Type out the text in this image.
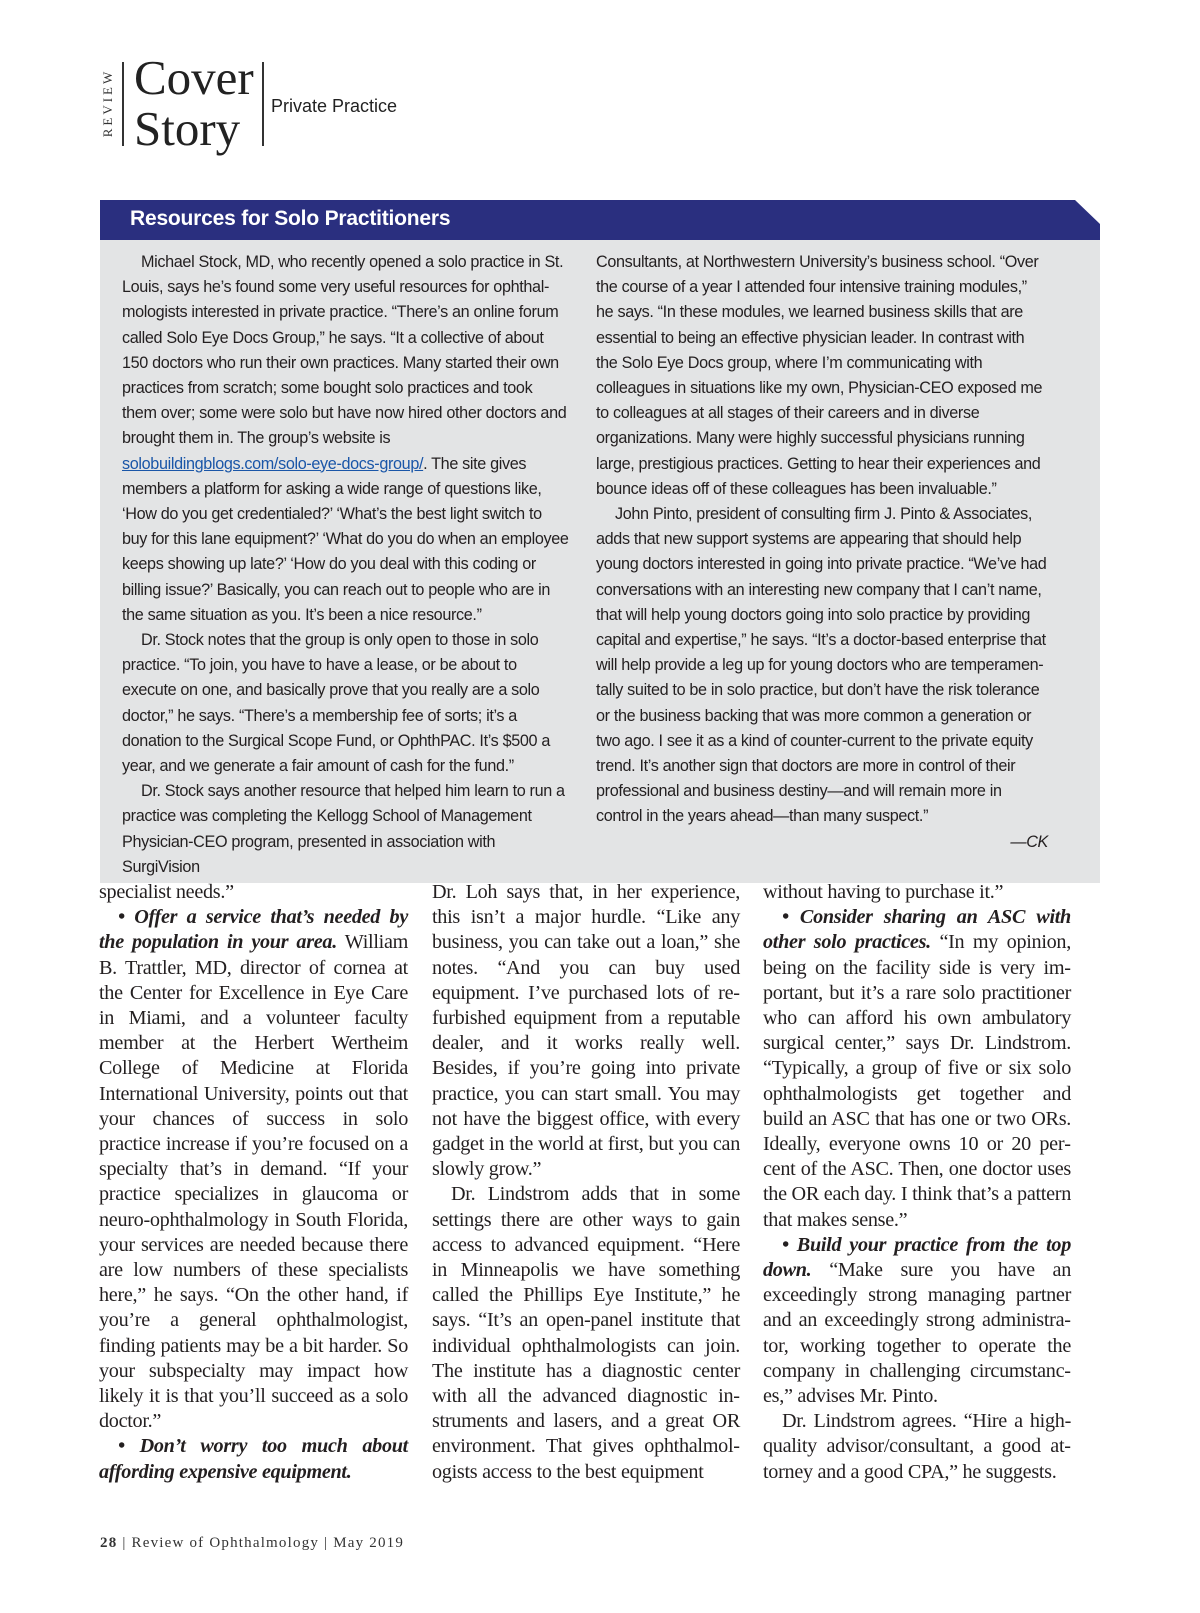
REVIEW Cover
Story Private Practice
Resources for Solo Practitioners

Michael Stock, MD, who recently opened a solo practice in St. Louis, says he’s found some very useful resources for ophthalmologists interested in private practice. “There’s an online forum called Solo Eye Docs Group,” he says. “It a collective of about 150 doctors who run their own practices. Many started their own practices from scratch; some bought solo practices and took them over; some were solo but have now hired other doctors and brought them in. The group’s website is solobuildingblogs.com/solo-eye-docs-group/. The site gives members a platform for asking a wide range of questions like, ‘How do you get credentialed?’ ‘What’s the best light switch to buy for this lane equipment?’ ‘What do you do when an employee keeps showing up late?’ ‘How do you deal with this coding or billing issue?’ Basically, you can reach out to people who are in the same situation as you. It’s been a nice resource.”

Dr. Stock notes that the group is only open to those in solo practice. “To join, you have to have a lease, or be about to execute on one, and basically prove that you really are a solo doctor,” he says. “There’s a membership fee of sorts; it’s a donation to the Surgical Scope Fund, or OphthPAC. It’s $500 a year, and we generate a fair amount of cash for the fund.”

Dr. Stock says another resource that helped him learn to run a practice was completing the Kellogg School of Management Physician-CEO program, presented in association with SurgiVision

Consultants, at Northwestern University’s business school. “Over the course of a year I attended four intensive training modules,” he says. “In these modules, we learned business skills that are essential to being an effective physician leader. In contrast with the Solo Eye Docs group, where I’m communicating with colleagues in situations like my own, Physician-CEO exposed me to colleagues at all stages of their careers and in diverse organizations. Many were highly successful physicians running large, prestigious practices. Getting to hear their experiences and bounce ideas off of these colleagues has been invaluable.”

John Pinto, president of consulting firm J. Pinto & Associates, adds that new support systems are appearing that should help young doctors interested in going into private practice. “We’ve had conversations with an interesting new company that I can’t name, that will help young doctors going into solo practice by providing capital and expertise,” he says. “It’s a doctor-based enterprise that will help provide a leg up for young doctors who are temperamentally suited to be in solo practice, but don’t have the risk tolerance or the business backing that was more common a generation or two ago. I see it as a kind of counter-current to the private equity trend. It’s another sign that doctors are more in control of their professional and business destiny—and will remain more in control in the years ahead—than many suspect.”

—CK

specialist needs.”

• Offer a service that’s needed by the population in your area. William B. Trattler, MD, director of cornea at the Center for Excellence in Eye Care in Miami, and a volunteer faculty member at the Herbert Wertheim College of Medicine at Florida International University, points out that your chances of success in solo practice increase if you’re focused on a specialty that’s in demand. “If your practice specializes in glaucoma or neuro-ophthalmology in South Florida, your services are needed because there are low numbers of these specialists here,” he says. “On the other hand, if you’re a general ophthalmologist, finding patients may be a bit harder. So your subspecialty may impact how likely it is that you’ll succeed as a solo doctor.”

• Don’t worry too much about affording expensive equipment.

Dr. Loh says that, in her experience, this isn’t a major hurdle. “Like any business, you can take out a loan,” she notes. “And you can buy used equipment. I’ve purchased lots of refurbished equipment from a reputable dealer, and it works really well. Besides, if you’re going into private practice, you can start small. You may not have the biggest office, with every gadget in the world at first, but you can slowly grow.”

Dr. Lindstrom adds that in some settings there are other ways to gain access to advanced equipment. “Here in Minneapolis we have something called the Phillips Eye Institute,” he says. “It’s an open-panel institute that individual ophthalmologists can join. The institute has a diagnostic center with all the advanced diagnostic instruments and lasers, and a great OR environment. That gives ophthalmologists access to the best equipment

without having to purchase it.”

• Consider sharing an ASC with other solo practices. “In my opinion, being on the facility side is very important, but it’s a rare solo practitioner who can afford his own ambulatory surgical center,” says Dr. Lindstrom. “Typically, a group of five or six solo ophthalmologists get together and build an ASC that has one or two ORs. Ideally, everyone owns 10 or 20 percent of the ASC. Then, one doctor uses the OR each day. I think that’s a pattern that makes sense.”

• Build your practice from the top down. “Make sure you have an exceedingly strong managing partner and an exceedingly strong administrator, working together to operate the company in challenging circumstances,” advises Mr. Pinto.

Dr. Lindstrom agrees. “Hire a high-quality advisor/consultant, a good attorney and a good CPA,” he suggests.

28 | Review of Ophthalmology | May 2019
